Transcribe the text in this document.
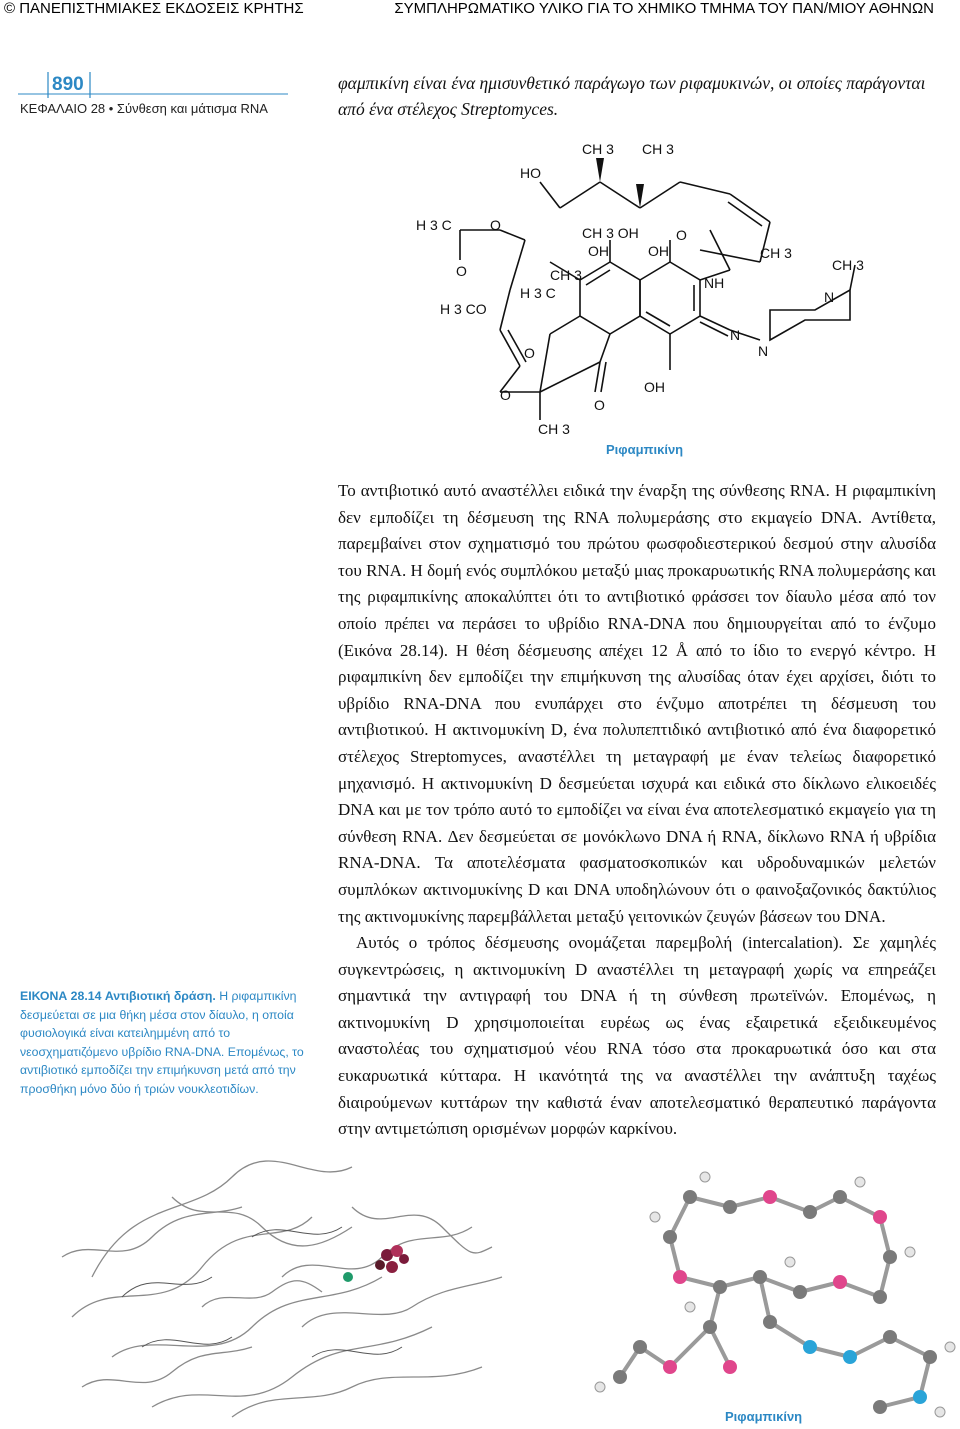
© ΠΑΝΕΠΙΣΤΗΜΙΑΚΕΣ ΕΚΔΟΣΕΙΣ ΚΡΗΤΗΣ	ΣΥΜΠΛΗΡΩΜΑΤΙΚΟ ΥΛΙΚΟ ΓΙΑ ΤΟ ΧΗΜΙΚΟ ΤΜΗΜΑ ΤΟΥ ΠΑΝ/ΜΙΟΥ ΑΘΗΝΩΝ
890
ΚΕΦΑΛΑΙΟ 28 • Σύνθεση και μάτισμα RNA
φαμπικίνη είναι ένα ημισυνθετικό παράγωγο των ριφαμυκινών, οι οποίες παράγονται από ένα στέλεχος Streptomyces.
HO
CH 3 CH 3
H 3 C	O	CH 3 OH
OH	OH
O
CH 3
CH 3
O	CH 3
H 3 C
NH
N
H 3 CO
O
N
N
O	OH
O
CH 3
Ριφαμπικίνη

Το αντιβιοτικό αυτό αναστέλλει ειδικά την έναρξη της σύνθεσης RNA. Η ριφαμπικίνη δεν εμποδίζει τη δέσμευση της RNA πολυμεράσης στο εκμαγείο DNA. Αντίθετα, παρεμβαίνει στον σχηματισμό του πρώτου φωσφοδιεστερικού δεσμού στην αλυσίδα του RNA. Η δομή ενός συμπλόκου μεταξύ μιας προκαρυωτικής RNA πολυμεράσης και της ριφαμπικίνης αποκαλύπτει ότι το αντιβιοτικό φράσσει τον δίαυλο μέσα από τον οποίο πρέπει να περάσει το υβρίδιο RNA-DNA που δημιουργείται από το ένζυμο (Εικόνα 28.14). Η θέση δέσμευσης απέχει 12 Å από το ίδιο το ενεργό κέντρο. Η ριφαμπικίνη δεν εμποδίζει την επιμήκυνση της αλυσίδας όταν έχει αρχίσει, διότι το υβρίδιο RNA-DNA που ενυπάρχει στο ένζυμο αποτρέπει τη δέσμευση του αντιβιοτικού. Η ακτινομυκίνη D, ένα πολυπεπτιδικό αντιβιοτικό από ένα διαφορετικό στέλεχος Streptomyces, αναστέλλει τη μεταγραφή με έναν τελείως διαφορετικό μηχανισμό. Η ακτινομυκίνη D δεσμεύεται ισχυρά και ειδικά στο δίκλωνο ελικοειδές DNA και με τον τρόπο αυτό το εμποδίζει να είναι ένα αποτελεσματικό εκμαγείο για τη σύνθεση RNA. Δεν δεσμεύεται σε μονόκλωνο DNA ή RNA, δίκλωνο RNA ή υβρίδια RNA-DNA. Τα αποτελέσματα φασματοσκοπικών και υδροδυναμικών μελετών συμπλόκων ακτινομυκίνης D και DNA υποδηλώνουν ότι ο φαινοξαζονικός δακτύλιος της ακτινομυκίνης παρεμβάλλεται μεταξύ γειτονικών ζευγών βάσεων του DNA.

Αυτός ο τρόπος δέσμευσης ονομάζεται παρεμβολή (intercalation). Σε χαμηλές συγκεντρώσεις, η ακτινομυκίνη D αναστέλλει τη μεταγραφή χωρίς να επηρεάζει σημαντικά την αντιγραφή του DNA ή τη σύνθεση πρωτεϊνών. Επομένως, η ακτινομυκίνη D χρησιμοποιείται ευρέως ως ένας εξαιρετικά εξειδικευμένος αναστολέας του σχηματισμού νέου RNA τόσο στα προκαρυωτικά όσο και στα ευκαρυωτικά κύτταρα. Η ικανότητά της να αναστέλλει την ανάπτυξη ταχέως διαιρούμενων κυττάρων την καθιστά έναν αποτελεσματικό θεραπευτικό παράγοντα στην αντιμετώπιση ορισμένων μορφών καρκίνου.

ΕΙΚΟΝΑ 28.14 Αντιβιοτική δράση. Η ριφαμπικίνη δεσμεύεται σε μια θήκη μέσα στον δίαυλο, η οποία φυσιολογικά είναι κατειλημμένη από το νεοσχηματιζόμενο υβρίδιο RNA-DNA. Επομένως, το αντιβιοτικό εμποδίζει την επιμήκυνση μετά από την προσθήκη μόνο δύο ή τριών νουκλεοτιδίων.
Ριφαμπικίνη
